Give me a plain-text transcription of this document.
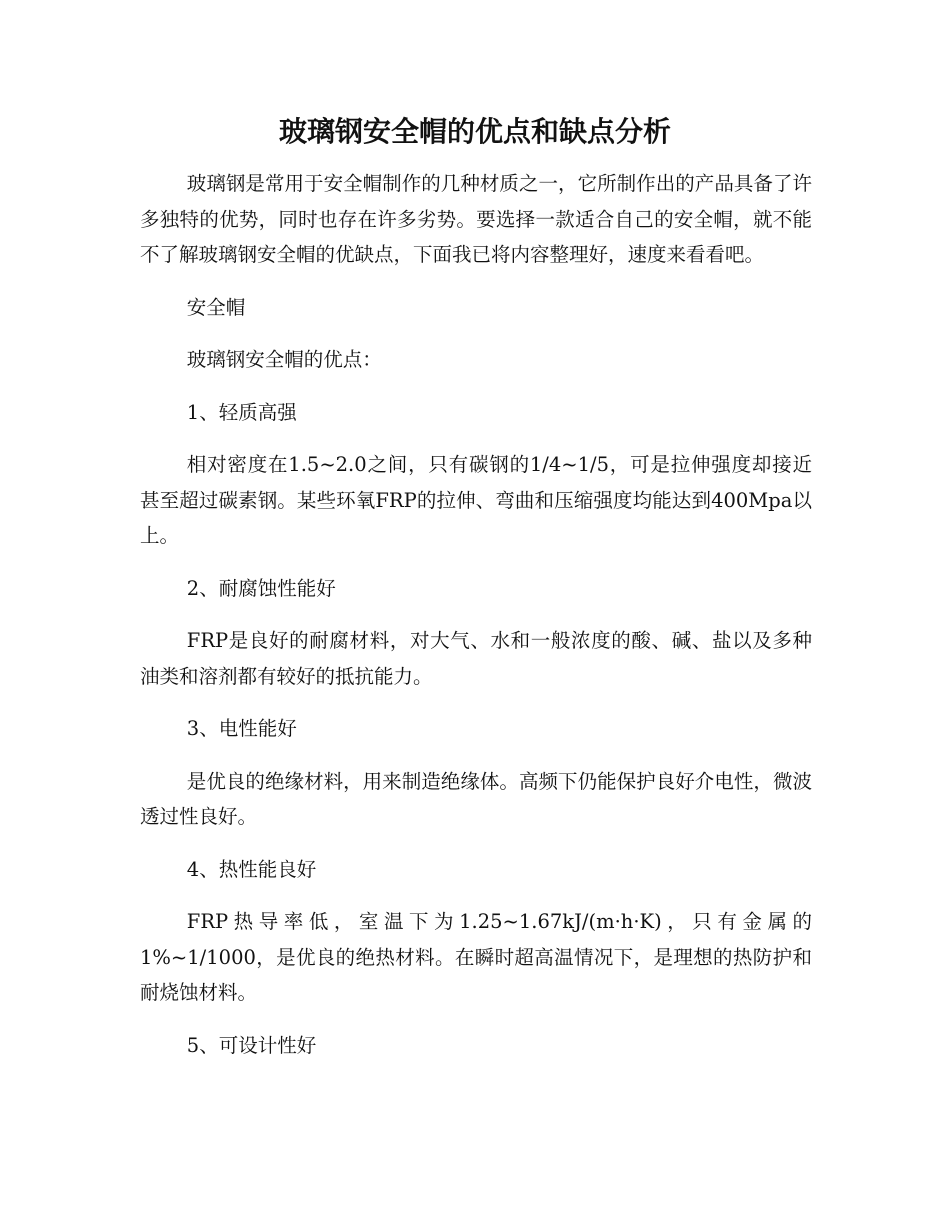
玻璃钢安全帽的优点和缺点分析

玻璃钢是常用于安全帽制作的几种材质之一，它所制作出的产品具备了许多独特的优势，同时也存在许多劣势。要选择一款适合自己的安全帽，就不能不了解玻璃钢安全帽的优缺点，下面我已将内容整理好，速度来看看吧。

安全帽

玻璃钢安全帽的优点：

1、轻质高强

相对密度在1.5~2.0之间，只有碳钢的1/4~1/5，可是拉伸强度却接近甚至超过碳素钢。某些环氧FRP的拉伸、弯曲和压缩强度均能达到400Mpa以上。

2、耐腐蚀性能好

FRP是良好的耐腐材料，对大气、水和一般浓度的酸、碱、盐以及多种油类和溶剂都有较好的抵抗能力。

3、电性能好

是优良的绝缘材料，用来制造绝缘体。高频下仍能保护良好介电性，微波透过性良好。

4、热性能良好

FRP热导率低，室温下为1.25~1.67kJ/(m·h·K)，只有金属的1%~1/1000，是优良的绝热材料。在瞬时超高温情况下，是理想的热防护和耐烧蚀材料。

5、可设计性好
